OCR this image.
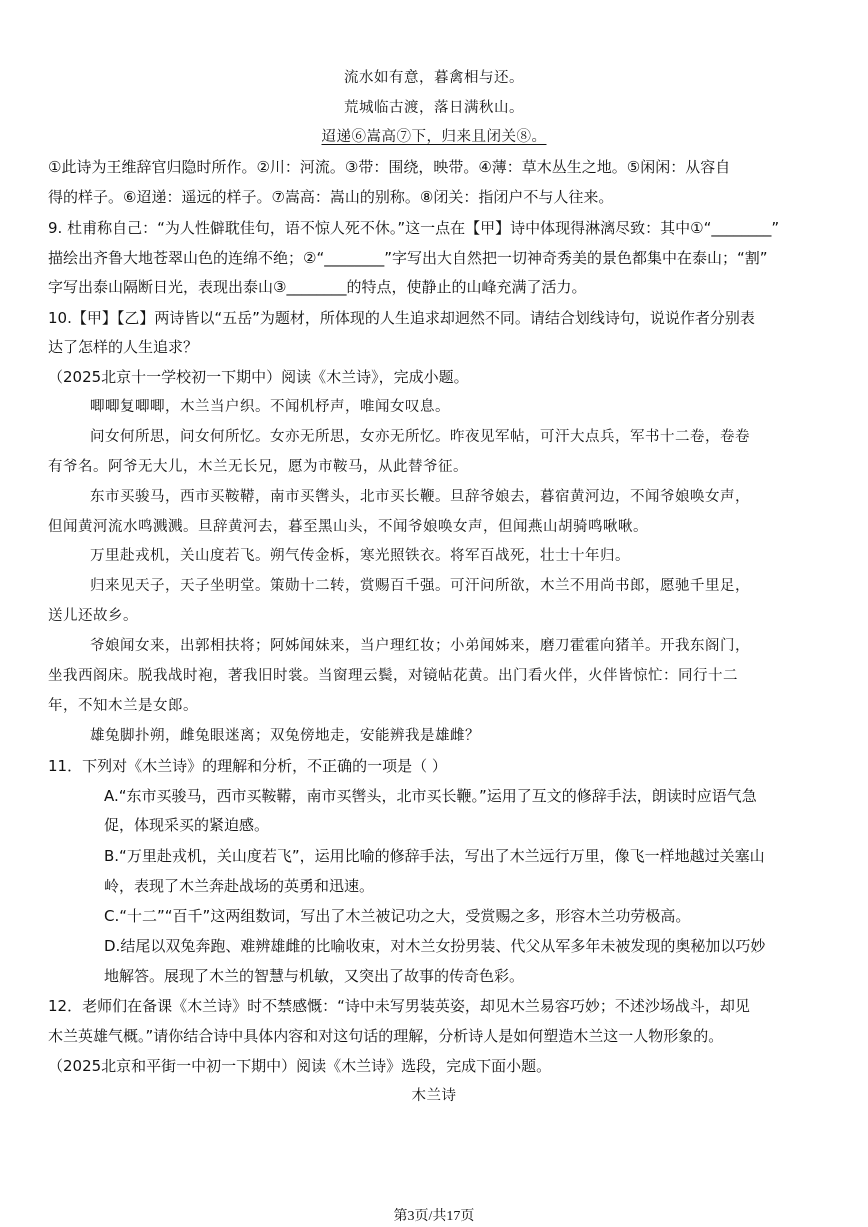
流水如有意，暮禽相与还。
荒城临古渡，落日满秋山。
迢递⑥嵩高⑦下，归来且闭关⑧。
①此诗为王维辞官归隐时所作。②川：河流。③带：围绕，映带。④薄：草木丛生之地。⑤闲闲：从容自
得的样子。⑥迢递：遥远的样子。⑦嵩高：嵩山的别称。⑧闭关：指闭户不与人往来。
9. 杜甫称自己：“为人性僻耽佳句，语不惊人死不休。”这一点在【甲】诗中体现得淋漓尽致：其中①“________”
描绘出齐鲁大地苍翠山色的连绵不绝；②“________”字写出大自然把一切神奇秀美的景色都集中在泰山；“割”
字写出泰山隔断日光，表现出泰山③________的特点，使静止的山峰充满了活力。
10.【甲】【乙】两诗皆以“五岳”为题材，所体现的人生追求却迥然不同。请结合划线诗句，说说作者分别表
达了怎样的人生追求？
（2025北京十一学校初一下期中）阅读《木兰诗》，完成小题。
唧唧复唧唧，木兰当户织。不闻机杼声，唯闻女叹息。
问女何所思，问女何所忆。女亦无所思，女亦无所忆。昨夜见军帖，可汗大点兵，军书十二卷，卷卷
有爷名。阿爷无大儿，木兰无长兄，愿为市鞍马，从此替爷征。
东市买骏马，西市买鞍鞯，南市买辔头，北市买长鞭。旦辞爷娘去，暮宿黄河边，不闻爷娘唤女声，
但闻黄河流水鸣溅溅。旦辞黄河去，暮至黑山头，不闻爷娘唤女声，但闻燕山胡骑鸣啾啾。
万里赴戎机，关山度若飞。朔气传金柝，寒光照铁衣。将军百战死，壮士十年归。
归来见天子，天子坐明堂。策勋十二转，赏赐百千强。可汗问所欲，木兰不用尚书郎，愿驰千里足，
送儿还故乡。
爷娘闻女来，出郭相扶将；阿姊闻妹来，当户理红妆；小弟闻姊来，磨刀霍霍向猪羊。开我东阁门，
坐我西阁床。脱我战时袍，著我旧时裳。当窗理云鬓，对镜帖花黄。出门看火伴，火伴皆惊忙：同行十二
年，不知木兰是女郎。
雄兔脚扑朔，雌兔眼迷离；双兔傍地走，安能辨我是雄雌？
11．下列对《木兰诗》的理解和分析，不正确的一项是（ ）
A.“东市买骏马，西市买鞍鞯，南市买辔头，北市买长鞭。”运用了互文的修辞手法，朗读时应语气急
促，体现采买的紧迫感。
B.“万里赴戎机，关山度若飞”，运用比喻的修辞手法，写出了木兰远行万里，像飞一样地越过关塞山
岭，表现了木兰奔赴战场的英勇和迅速。
C.“十二”“百千”这两组数词，写出了木兰被记功之大，受赏赐之多，形容木兰功劳极高。
D.结尾以双兔奔跑、难辨雄雌的比喻收束，对木兰女扮男装、代父从军多年未被发现的奥秘加以巧妙
地解答。展现了木兰的智慧与机敏，又突出了故事的传奇色彩。
12．老师们在备课《木兰诗》时不禁感慨：“诗中未写男装英姿，却见木兰易容巧妙；不述沙场战斗，却见
木兰英雄气概。”请你结合诗中具体内容和对这句话的理解，分析诗人是如何塑造木兰这一人物形象的。
（2025北京和平街一中初一下期中）阅读《木兰诗》选段，完成下面小题。
木兰诗
第3页/共17页
